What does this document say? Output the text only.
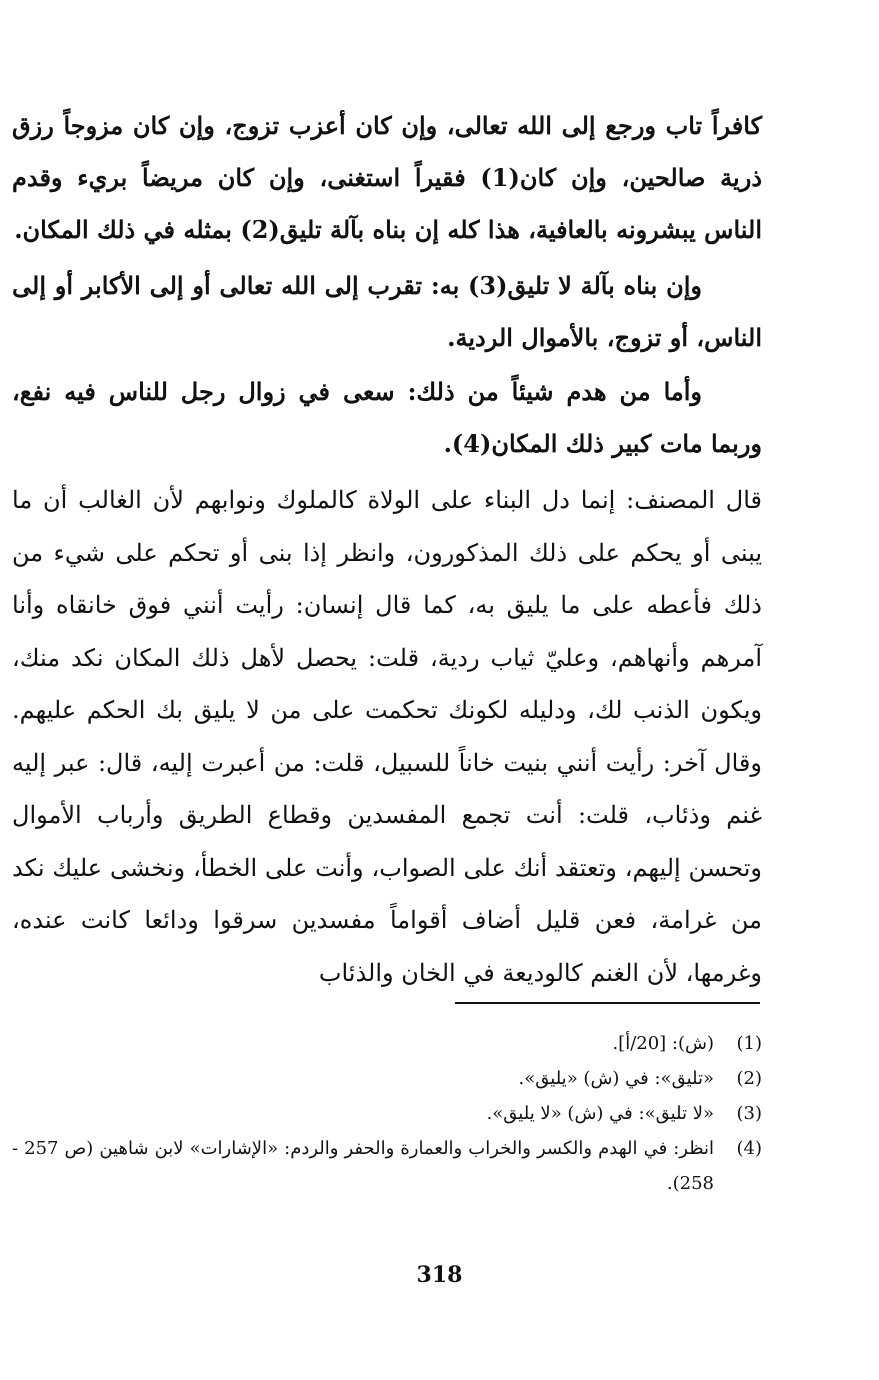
كافراً تاب ورجع إلى الله تعالى، وإن كان أعزب تزوج، وإن كان مزوجاً رزق ذرية صالحين، وإن كان(1) فقيراً استغنى، وإن كان مريضاً بريء وقدم الناس يبشرونه بالعافية، هذا كله إن بناه بآلة تليق(2) بمثله في ذلك المكان.

وإن بناه بآلة لا تليق(3) به: تقرب إلى الله تعالى أو إلى الأكابر أو إلى الناس، أو تزوج، بالأموال الردية.

وأما من هدم شيئاً من ذلك: سعى في زوال رجل للناس فيه نفع، وربما مات كبير ذلك المكان(4).

قال المصنف: إنما دل البناء على الولاة كالملوك ونوابهم لأن الغالب أن ما يبنى أو يحكم على ذلك المذكورون، وانظر إذا بنى أو تحكم على شيء من ذلك فأعطه على ما يليق به، كما قال إنسان: رأيت أنني فوق خانقاه وأنا آمرهم وأنهاهم، وعليّ ثياب ردية، قلت: يحصل لأهل ذلك المكان نكد منك، ويكون الذنب لك، ودليله لكونك تحكمت على من لا يليق بك الحكم عليهم. وقال آخر: رأيت أنني بنيت خاناً للسبيل، قلت: من أعبرت إليه، قال: عبر إليه غنم وذئاب، قلت: أنت تجمع المفسدين وقطاع الطريق وأرباب الأموال وتحسن إليهم، وتعتقد أنك على الصواب، وأنت على الخطأ، ونخشى عليك نكد من غرامة، فعن قليل أضاف أقواماً مفسدين سرقوا ودائعا كانت عنده، وغرمها، لأن الغنم كالوديعة في الخان والذئاب

(1)
(ش): [20/أ].
(2)
«تليق»: في (ش) «يليق».
(3)
«لا تليق»: في (ش) «لا يليق».
(4)
انظر: في الهدم والكسر والخراب والعمارة والحفر والردم: «الإشارات» لابن شاهين (ص 257 - 258).
318
